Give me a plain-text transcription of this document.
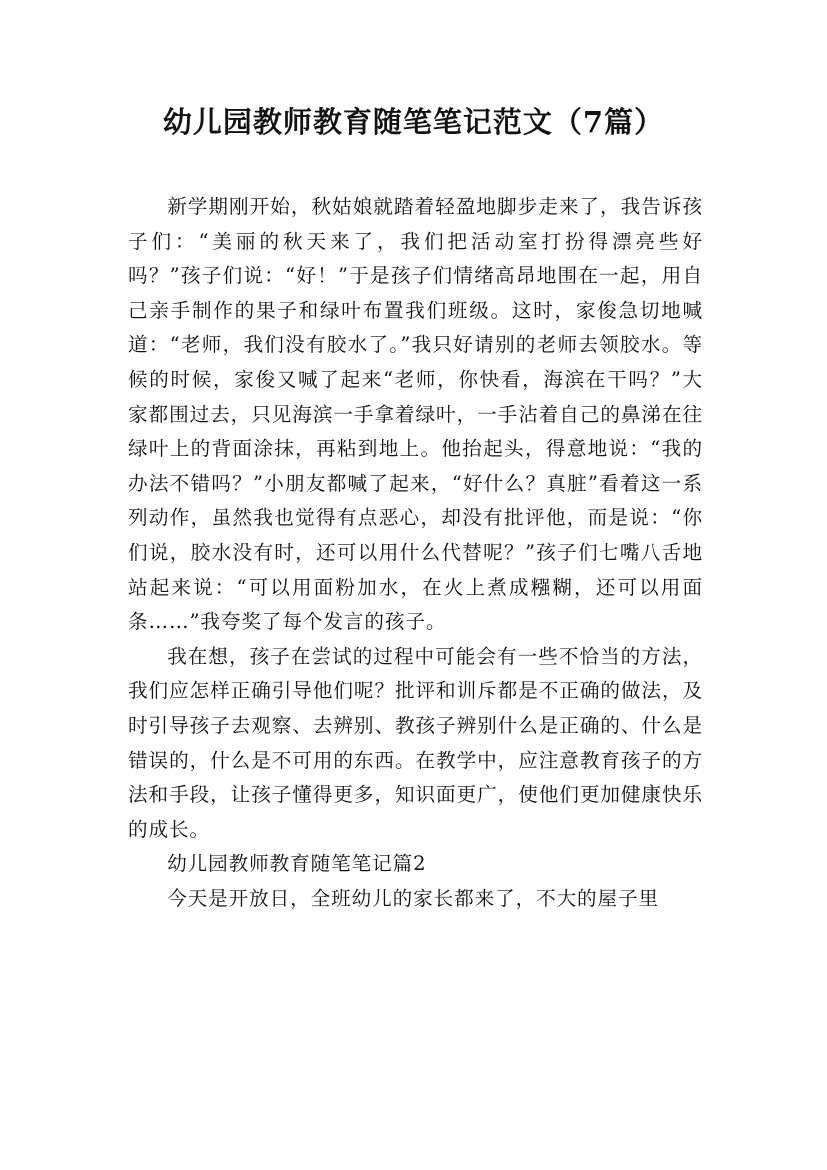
幼儿园教师教育随笔笔记范文（7篇）

新学期刚开始，秋姑娘就踏着轻盈地脚步走来了，我告诉孩子们：“美丽的秋天来了，我们把活动室打扮得漂亮些好吗？”孩子们说：“好！”于是孩子们情绪高昂地围在一起，用自己亲手制作的果子和绿叶布置我们班级。这时，家俊急切地喊道：“老师，我们没有胶水了。”我只好请别的老师去领胶水。等候的时候，家俊又喊了起来“老师，你快看，海滨在干吗？”大家都围过去，只见海滨一手拿着绿叶，一手沾着自己的鼻涕在往绿叶上的背面涂抹，再粘到地上。他抬起头，得意地说：“我的办法不错吗？”小朋友都喊了起来，“好什么？真脏”看着这一系列动作，虽然我也觉得有点恶心，却没有批评他，而是说：“你们说，胶水没有时，还可以用什么代替呢？”孩子们七嘴八舌地站起来说：“可以用面粉加水，在火上煮成糨糊，还可以用面条……”我夸奖了每个发言的孩子。

我在想，孩子在尝试的过程中可能会有一些不恰当的方法，我们应怎样正确引导他们呢？批评和训斥都是不正确的做法，及时引导孩子去观察、去辨别、教孩子辨别什么是正确的、什么是错误的，什么是不可用的东西。在教学中，应注意教育孩子的方法和手段，让孩子懂得更多，知识面更广，使他们更加健康快乐的成长。

幼儿园教师教育随笔笔记篇2

今天是开放日，全班幼儿的家长都来了，不大的屋子里
